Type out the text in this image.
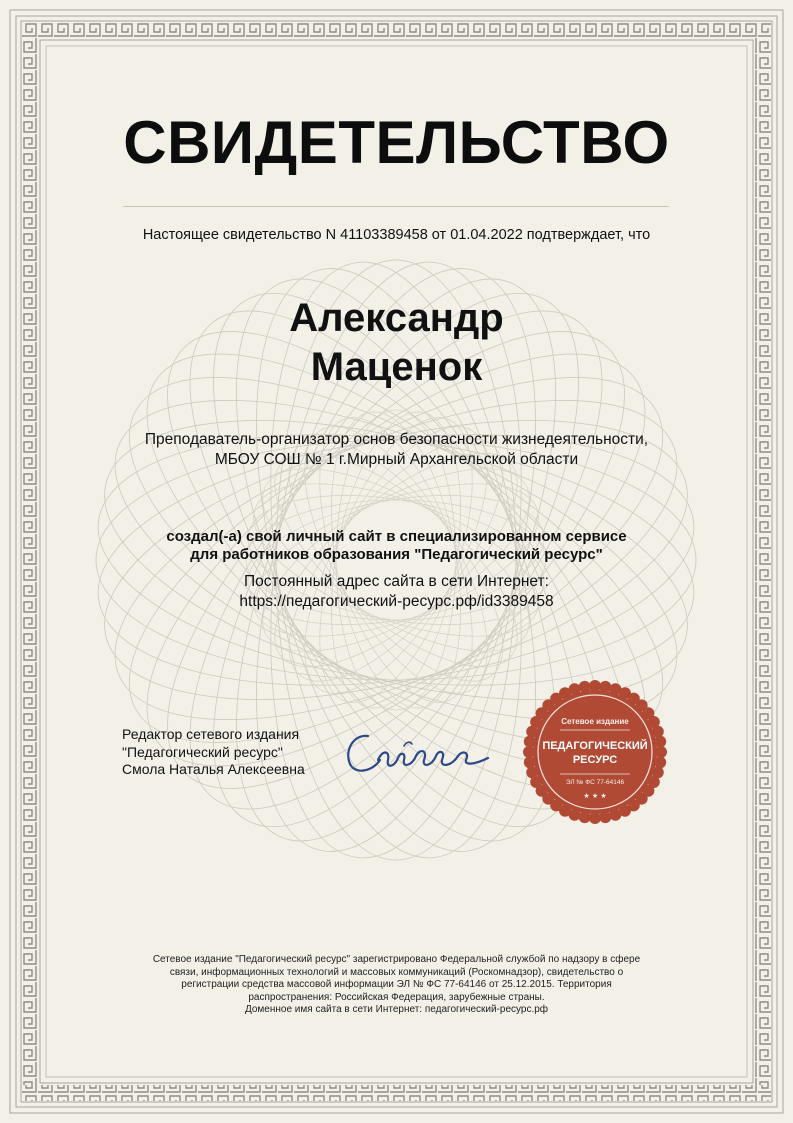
СВИДЕТЕЛЬСТВО
Настоящее свидетельство N 41103389458 от 01.04.2022 подтверждает, что
Александр
Маценок
Преподаватель-организатор основ безопасности жизнедеятельности,
МБОУ СОШ № 1 г.Мирный Архангельской области
создал(-а) свой личный сайт в специализированном сервисе
для работников образования "Педагогический ресурс"
Постоянный адрес сайта в сети Интернет:
https://педагогический-ресурс.рф/id3389458
Редактор сетевого издания
"Педагогический ресурс"
Смола Наталья Алексеевна
Сетевое издание
ПЕДАГОГИЧЕСКИЙ
РЕСУРС
ЭЛ № ФС 77-64146
★ ★ ★
Сетевое издание "Педагогический ресурс" зарегистрировано Федеральной службой по надзору в сфере
связи, информационных технологий и массовых коммуникаций (Роскомнадзор), свидетельство о
регистрации средства массовой информации ЭЛ № ФС 77-64146 от 25.12.2015. Территория
распространения: Российская Федерация, зарубежные страны.
Доменное имя сайта в сети Интернет: педагогический-ресурс.рф
